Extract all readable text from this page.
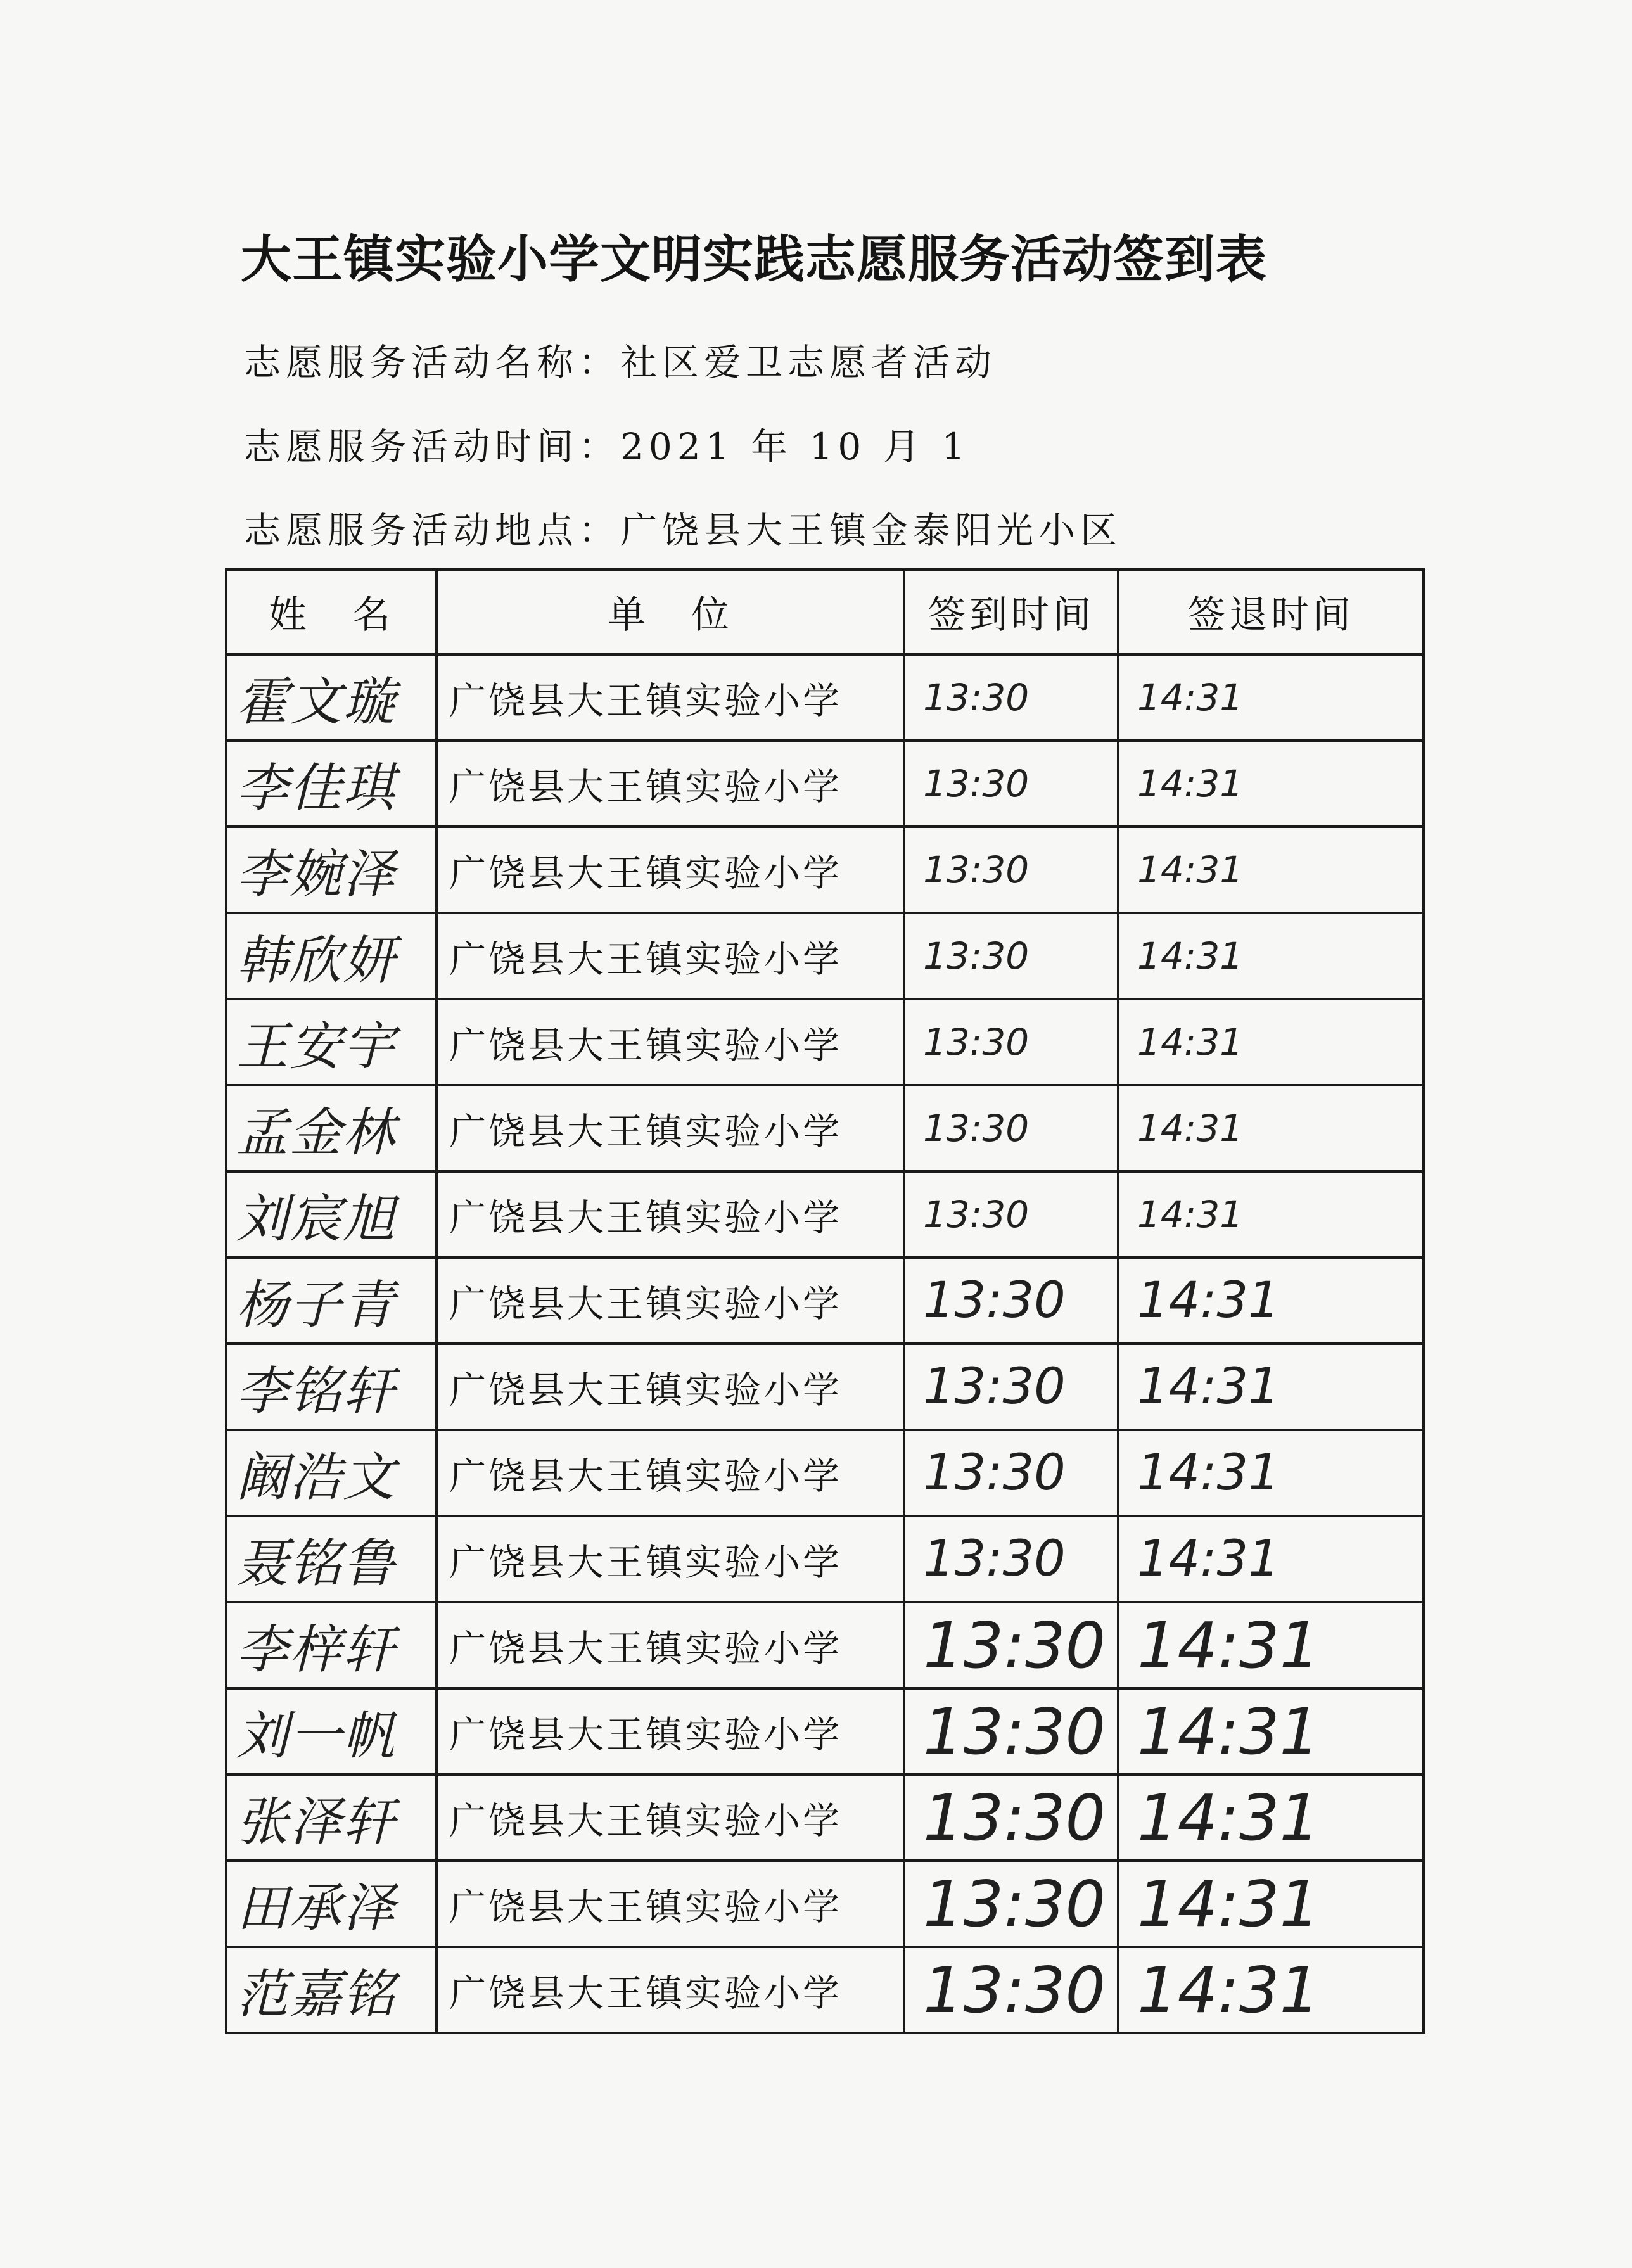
大王镇实验小学文明实践志愿服务活动签到表
志愿服务活动名称：社区爱卫志愿者活动
志愿服务活动时间：2021 年 10 月 1
志愿服务活动地点：广饶县大王镇金泰阳光小区
姓　名	单　位	签到时间	签退时间
霍文璇	广饶县大王镇实验小学	13:30	14:31
李佳琪	广饶县大王镇实验小学	13:30	14:31
李婉泽	广饶县大王镇实验小学	13:30	14:31
韩欣妍	广饶县大王镇实验小学	13:30	14:31
王安宇	广饶县大王镇实验小学	13:30	14:31
孟金林	广饶县大王镇实验小学	13:30	14:31
刘宸旭	广饶县大王镇实验小学	13:30	14:31
杨子青	广饶县大王镇实验小学	13:30	14:31
李铭轩	广饶县大王镇实验小学	13:30	14:31
阚浩文	广饶县大王镇实验小学	13:30	14:31
聂铭鲁	广饶县大王镇实验小学	13:30	14:31
李梓轩	广饶县大王镇实验小学	13:30	14:31
刘一帆	广饶县大王镇实验小学	13:30	14:31
张泽轩	广饶县大王镇实验小学	13:30	14:31
田承泽	广饶县大王镇实验小学	13:30	14:31
范嘉铭	广饶县大王镇实验小学	13:30	14:31
